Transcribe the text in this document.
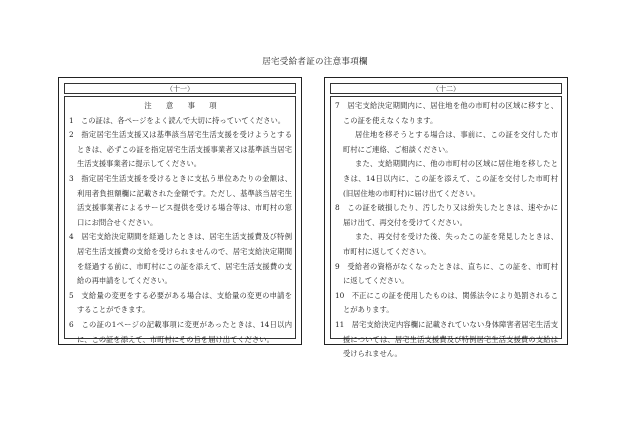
居宅受給者証の注意事項欄
（十一）

注 意 事 項

1　この証は、各ページをよく読んで大切に持っていてください。

2　指定居宅生活支援又は基準該当居宅生活支援を受けようとするときは、必ずこの証を指定居宅生活支援事業者又は基準該当居宅生活支援事業者に提示してください。

3　指定居宅生活支援を受けるときに支払う単位あたりの金額は、利用者負担額欄に記載された金額です。ただし、基準該当居宅生活支援事業者によるサービス提供を受ける場合等は、市町村の窓口にお問合せください。

4　居宅支給決定期間を経過したときは、居宅生活支援費及び特例居宅生活支援費の支給を受けられませんので、居宅支給決定期間を経過する前に、市町村にこの証を添えて、居宅生活支援費の支給の再申請をしてください。

5　支給量の変更をする必要がある場合は、支給量の変更の申請をすることができます。

6　この証の1ページの記載事項に変更があったときは、14日以内に、この証を添えて、市町村にその旨を届け出てください。

（十二）

7　居宅支給決定期間内に、居住地を他の市町村の区域に移すと、この証を使えなくなります。

居住地を移そうとする場合は、事前に、この証を交付した市町村にご連絡、ご相談ください。

また、支給期間内に、他の市町村の区域に居住地を移したときは、14日以内に、この証を添えて、この証を交付した市町村(旧居住地の市町村)に届け出てください。

8　この証を破損したり、汚したり又は紛失したときは、速やかに届け出て、再交付を受けてください。

また、再交付を受けた後、失ったこの証を発見したときは、市町村に返してください。

9　受給者の資格がなくなったときは、直ちに、この証を、市町村に返してください。

10　不正にこの証を使用したものは、関係法令により処罰されることがあります。

11　居宅支給決定内容欄に記載されていない身体障害者居宅生活支援については、居宅生活支援費及び特例居宅生活支援費の支給は受けられません。
